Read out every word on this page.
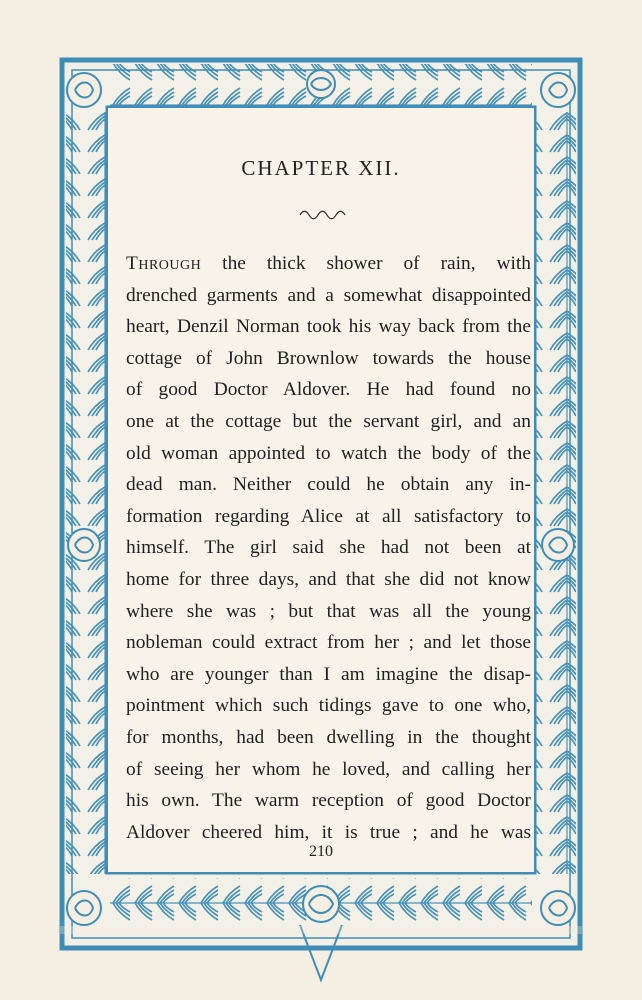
CHAPTER XII.
Through the thick shower of rain, with
drenched garments and a somewhat disappointed
heart, Denzil Norman took his way back from the
cottage of John Brownlow towards the house
of good Doctor Aldover. He had found no
one at the cottage but the servant girl, and an
old woman appointed to watch the body of the
dead man. Neither could he obtain any in-
formation regarding Alice at all satisfactory to
himself. The girl said she had not been at
home for three days, and that she did not know
where she was ; but that was all the young
nobleman could extract from her ; and let those
who are younger than I am imagine the disap-
pointment which such tidings gave to one who,
for months, had been dwelling in the thought
of seeing her whom he loved, and calling her
his own. The warm reception of good Doctor
Aldover cheered him, it is true ; and he was
210
